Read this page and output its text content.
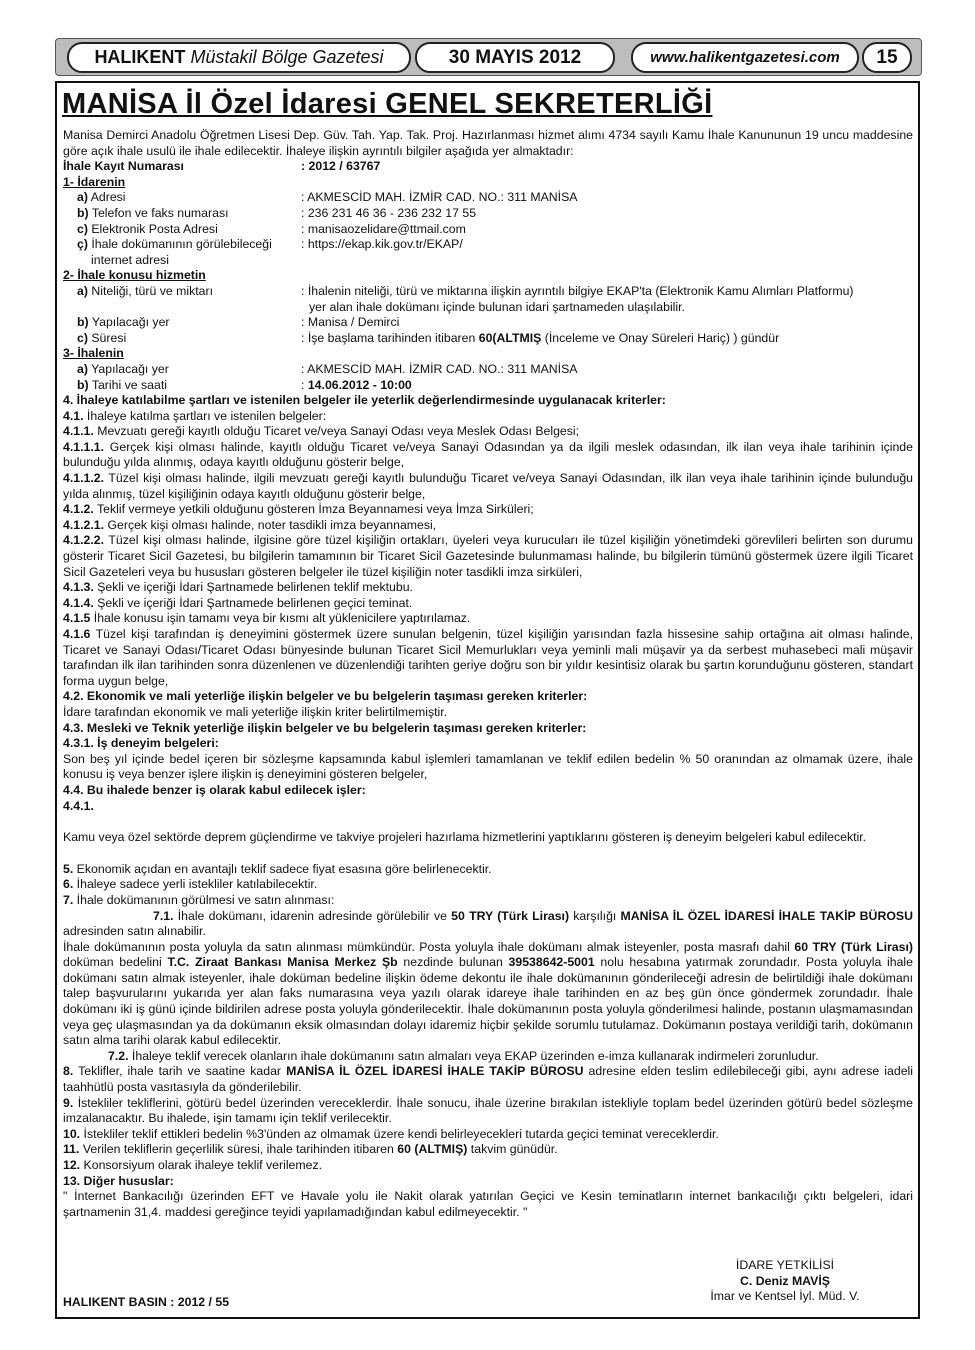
HALIKENT Müstakil Bölge Gazetesi	30 MAYIS 2012	www.halikentgazetesi.com	15
MANİSA İl Özel İdaresi GENEL SEKRETERLİĞİ

Manisa Demirci Anadolu Öğretmen Lisesi Dep. Güv. Tah. Yap. Tak. Proj. Hazırlanması hizmet alımı 4734 sayılı Kamu İhale Kanununun 19 uncu maddesine göre açık ihale usulü ile ihale edilecektir. İhaleye ilişkin ayrıntılı bilgiler aşağıda yer almaktadır:

İhale Kayıt Numarası	: 2012 / 63767

1- İdarenin

a) Adresi	: AKMESCİD MAH. İZMİR CAD. NO.: 311 MANİSA
b) Telefon ve faks numarası	: 236 231 46 36 - 236 232 17 55
c) Elektronik Posta Adresi	: manisaozelidare@ttmail.com
ç) İhale dokümanının görülebileceği	: https://ekap.kik.gov.tr/EKAP/

internet adresi

2- İhale konusu hizmetin

a) Niteliği, türü ve miktarı	: İhalenin niteliği, türü ve miktarına ilişkin ayrıntılı bilgiye EKAP'ta (Elektronik Kamu Alımları Platformu)

yer alan ihale dokümanı içinde bulunan idari şartnameden ulaşılabilir.

b) Yapılacağı yer	: Manisa / Demirci
c) Süresi	: İşe başlama tarihinden itibaren 60(ALTMIŞ (İnceleme ve Onay Süreleri Hariç) ) gündür

3- İhalenin

a) Yapılacağı yer	: AKMESCİD MAH. İZMİR CAD. NO.: 311 MANİSA
b) Tarihi ve saati	: 14.06.2012 - 10:00

4. İhaleye katılabilme şartları ve istenilen belgeler ile yeterlik değerlendirmesinde uygulanacak kriterler:

4.1. İhaleye katılma şartları ve istenilen belgeler:

4.1.1. Mevzuatı gereği kayıtlı olduğu Ticaret ve/veya Sanayi Odası veya Meslek Odası Belgesi;

4.1.1.1. Gerçek kişi olması halinde, kayıtlı olduğu Ticaret ve/veya Sanayi Odasından ya da ilgili meslek odasından, ilk ilan veya ihale tarihinin içinde bulunduğu yılda alınmış, odaya kayıtlı olduğunu gösterir belge,

4.1.1.2. Tüzel kişi olması halinde, ilgili mevzuatı gereği kayıtlı bulunduğu Ticaret ve/veya Sanayi Odasından, ilk ilan veya ihale tarihinin içinde bulunduğu yılda alınmış, tüzel kişiliğinin odaya kayıtlı olduğunu gösterir belge,

4.1.2. Teklif vermeye yetkili olduğunu gösteren İmza Beyannamesi veya İmza Sirküleri;

4.1.2.1. Gerçek kişi olması halinde, noter tasdikli imza beyannamesi,

4.1.2.2. Tüzel kişi olması halinde, ilgisine göre tüzel kişiliğin ortakları, üyeleri veya kurucuları ile tüzel kişiliğin yönetimdeki görevlileri belirten son durumu gösterir Ticaret Sicil Gazetesi, bu bilgilerin tamamının bir Ticaret Sicil Gazetesinde bulunmaması halinde, bu bilgilerin tümünü göstermek üzere ilgili Ticaret Sicil Gazeteleri veya bu hususları gösteren belgeler ile tüzel kişiliğin noter tasdikli imza sirküleri,

4.1.3. Şekli ve içeriği İdari Şartnamede belirlenen teklif mektubu.

4.1.4. Şekli ve içeriği İdari Şartnamede belirlenen geçici teminat.

4.1.5 İhale konusu işin tamamı veya bir kısmı alt yüklenicilere yaptırılamaz.

4.1.6 Tüzel kişi tarafından iş deneyimini göstermek üzere sunulan belgenin, tüzel kişiliğin yarısından fazla hissesine sahip ortağına ait olması halinde, Ticaret ve Sanayi Odası/Ticaret Odası bünyesinde bulunan Ticaret Sicil Memurlukları veya yeminli mali müşavir ya da serbest muhasebeci mali müşavir tarafından ilk ilan tarihinden sonra düzenlenen ve düzenlendiği tarihten geriye doğru son bir yıldır kesintisiz olarak bu şartın korunduğunu gösteren, standart forma uygun belge,

4.2. Ekonomik ve mali yeterliğe ilişkin belgeler ve bu belgelerin taşıması gereken kriterler:

İdare tarafından ekonomik ve mali yeterliğe ilişkin kriter belirtilmemiştir.

4.3. Mesleki ve Teknik yeterliğe ilişkin belgeler ve bu belgelerin taşıması gereken kriterler:

4.3.1. İş deneyim belgeleri:

Son beş yıl içinde bedel içeren bir sözleşme kapsamında kabul işlemleri tamamlanan ve teklif edilen bedelin % 50 oranından az olmamak üzere, ihale konusu iş veya benzer işlere ilişkin iş deneyimini gösteren belgeler,

4.4. Bu ihalede benzer iş olarak kabul edilecek işler:

4.4.1.

Kamu veya özel sektörde deprem güçlendirme ve takviye projeleri hazırlama hizmetlerini yaptıklarını gösteren iş deneyim belgeleri kabul edilecektir.

5. Ekonomik açıdan en avantajlı teklif sadece fiyat esasına göre belirlenecektir.

6. İhaleye sadece yerli istekliler katılabilecektir.

7. İhale dokümanının görülmesi ve satın alınması:

7.1. İhale dokümanı, idarenin adresinde görülebilir ve 50 TRY (Türk Lirası) karşılığı MANİSA İL ÖZEL İDARESİ İHALE TAKİP BÜROSU adresinden satın alınabilir.

İhale dokümanının posta yoluyla da satın alınması mümkündür. Posta yoluyla ihale dokümanı almak isteyenler, posta masrafı dahil 60 TRY (Türk Lirası) doküman bedelini T.C. Ziraat Bankası Manisa Merkez Şb nezdinde bulunan 39538642-5001 nolu hesabına yatırmak zorundadır. Posta yoluyla ihale dokümanı satın almak isteyenler, ihale doküman bedeline ilişkin ödeme dekontu ile ihale dokümanının gönderileceği adresin de belirtildiği ihale dokümanı talep başvurularını yukarıda yer alan faks numarasına veya yazılı olarak idareye ihale tarihinden en az beş gün önce göndermek zorundadır. İhale dokümanı iki iş günü içinde bildirilen adrese posta yoluyla gönderilecektir. İhale dokümanının posta yoluyla gönderilmesi halinde, postanın ulaşmamasından veya geç ulaşmasından ya da dokümanın eksik olmasından dolayı idaremiz hiçbir şekilde sorumlu tutulamaz. Dokümanın postaya verildiği tarih, dokümanın satın alma tarihi olarak kabul edilecektir.

7.2. İhaleye teklif verecek olanların ihale dokümanını satın almaları veya EKAP üzerinden e-imza kullanarak indirmeleri zorunludur.

8. Teklifler, ihale tarih ve saatine kadar MANİSA İL ÖZEL İDARESİ İHALE TAKİP BÜROSU adresine elden teslim edilebileceği gibi, aynı adrese iadeli taahhütlü posta vasıtasıyla da gönderilebilir.

9. İstekliler tekliflerini, götürü bedel üzerinden vereceklerdir. İhale sonucu, ihale üzerine bırakılan istekliyle toplam bedel üzerinden götürü bedel sözleşme imzalanacaktır. Bu ihalede, işin tamamı için teklif verilecektir.

10. İstekliler teklif ettikleri bedelin %3'ünden az olmamak üzere kendi belirleyecekleri tutarda geçici teminat vereceklerdir.

11. Verilen tekliflerin geçerlilik süresi, ihale tarihinden itibaren 60 (ALTMIŞ) takvim günüdür.

12. Konsorsiyum olarak ihaleye teklif verilemez.

13. Diğer hususlar:

" İnternet Bankacılığı üzerinden EFT ve Havale yolu ile Nakit olarak yatırılan Geçici ve Kesin teminatların internet bankacılığı çıktı belgeleri, idari şartnamenin 31,4. maddesi gereğince teyidi yapılamadığından kabul edilmeyecektir. "

İDARE YETKİLİSİ
C. Deniz MAVİŞ
İmar ve Kentsel İyl. Müd. V.
HALIKENT BASIN : 2012 / 55
